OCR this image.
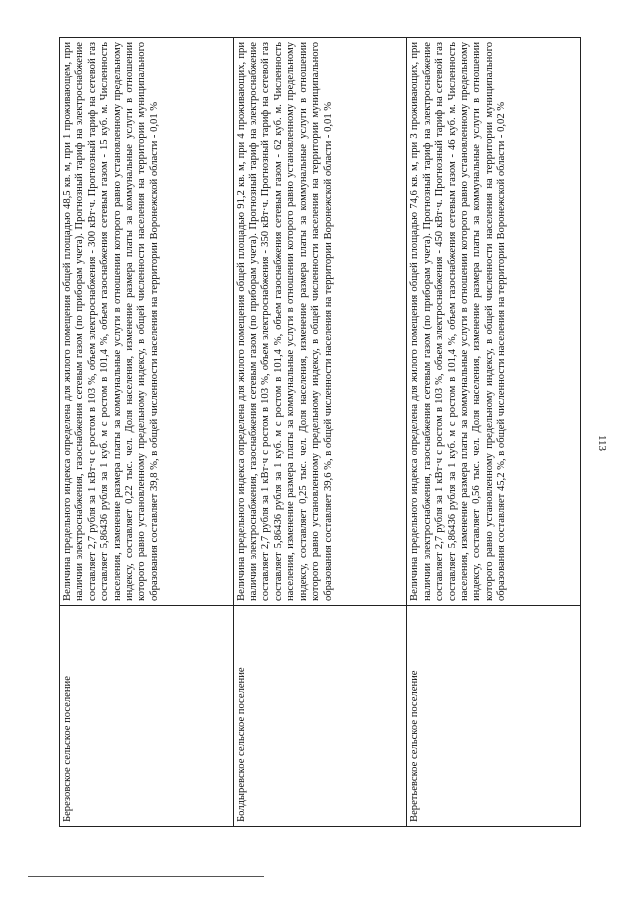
113
Березовское сельское поселение	Величина предельного индекса определена для жилого помещения общей площадью 48,5 кв. м, при 1 проживающем, при наличии электроснабжения, газоснабжения сетевым газом (по приборам учета). Прогнозный тариф на электроснабжение составляет 2,7 рубля за 1 кВт·ч с ростом в 103 %, объем электроснабжения - 300 кВт·ч. Прогнозный тариф на сетевой газ составляет 5,86436 рубля за 1 куб. м с ростом в 101,4 %, объем газоснабжения сетевым газом - 15 куб. м. Численность населения, изменение размера платы за коммунальные услуги в отношении которого равно установленному предельному индексу, составляет 0,22 тыс. чел. Доля населения, изменение размера платы за коммунальные услуги в отношении которого равно установленному предельному индексу, в общей численности населения на территории муниципального образования составляет 39,8 %, в общей численности населения на территории Воронежской области - 0,01 %
Болдыревское сельское поселение	Величина предельного индекса определена для жилого помещения общей площадью 91,2 кв. м, при 4 проживающих, при наличии электроснабжения, газоснабжения сетевым газом (по приборам учета). Прогнозный тариф на электроснабжение составляет 2,7 рубля за 1 кВт·ч с ростом в 103 %, объем электроснабжения - 350 кВт·ч. Прогнозный тариф на сетевой газ составляет 5,86436 рубля за 1 куб. м с ростом в 101,4 %, объем газоснабжения сетевым газом - 62 куб. м. Численность населения, изменение размера платы за коммунальные услуги в отношении которого равно установленному предельному индексу, составляет 0,25 тыс. чел. Доля населения, изменение размера платы за коммунальные услуги в отношении которого равно установленному предельному индексу, в общей численности населения на территории муниципального образования составляет 39,6 %, в общей численности населения на территории Воронежской области - 0,01 %
Веретьевское сельское поселение	Величина предельного индекса определена для жилого помещения общей площадью 74,6 кв. м, при 3 проживающих, при наличии электроснабжения, газоснабжения сетевым газом (по приборам учета). Прогнозный тариф на электроснабжение составляет 2,7 рубля за 1 кВт·ч с ростом в 103 %, объем электроснабжения - 450 кВт·ч. Прогнозный тариф на сетевой газ составляет 5,86436 рубля за 1 куб. м с ростом в 101,4 %, объем газоснабжения сетевым газом - 46 куб. м. Численность населения, изменение размера платы за коммунальные услуги в отношении которого равно установленному предельному индексу, составляет 0,56 тыс. чел. Доля населения, изменение размера платы за коммунальные услуги в отношении которого равно установленному предельному индексу, в общей численности населения на территории муниципального образования составляет 45,2 %, в общей численности населения на территории Воронежской области - 0,02 %
